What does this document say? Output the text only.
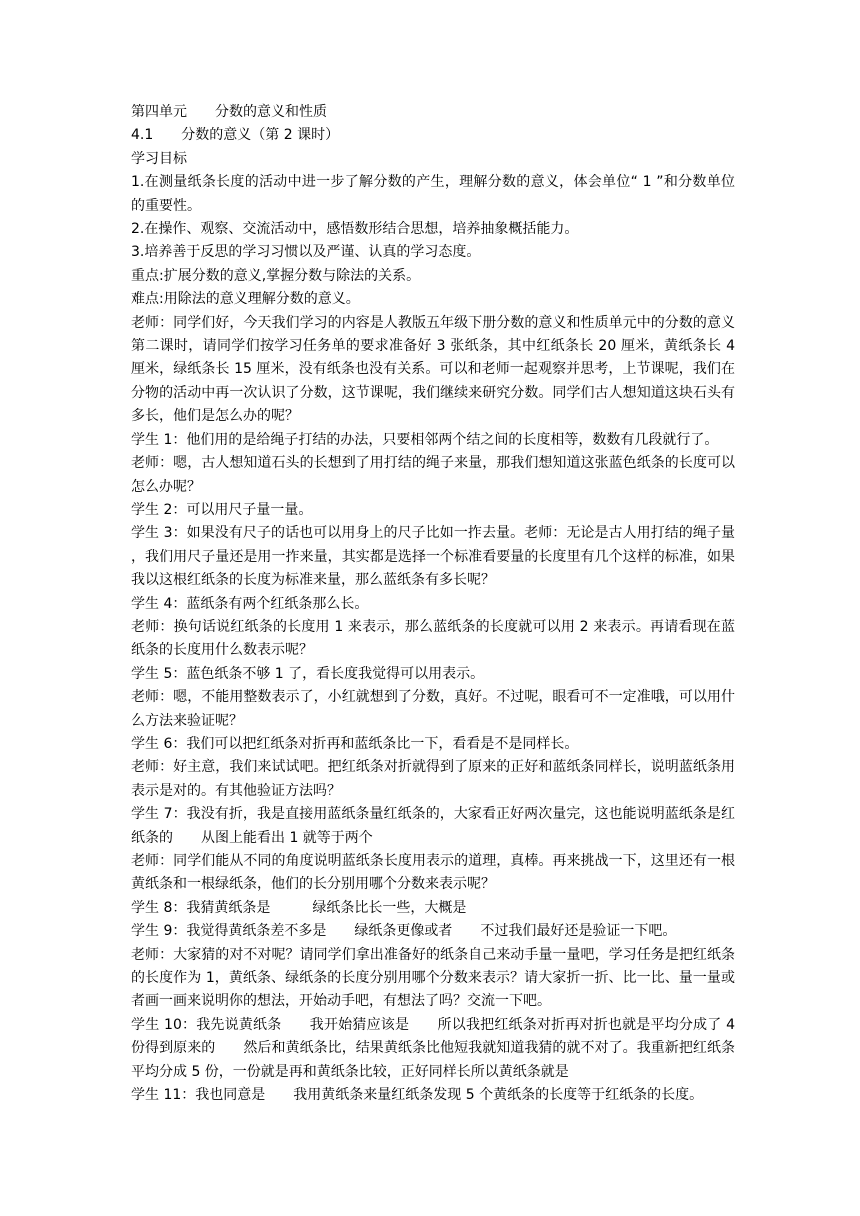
第四单元　　分数的意义和性质

4.1　　分数的意义（第 2 课时）

学习目标

1.在测量纸条长度的活动中进一步了解分数的产生，理解分数的意义，体会单位“ 1 ”和分数单位的重要性。

2.在操作、观察、交流活动中，感悟数形结合思想，培养抽象概括能力。

3.培养善于反思的学习习惯以及严谨、认真的学习态度。

重点:扩展分数的意义,掌握分数与除法的关系。

难点:用除法的意义理解分数的意义。

老师：同学们好，今天我们学习的内容是人教版五年级下册分数的意义和性质单元中的分数的意义第二课时，请同学们按学习任务单的要求准备好 3 张纸条，其中红纸条长 20 厘米，黄纸条长 4 厘米，绿纸条长 15 厘米，没有纸条也没有关系。可以和老师一起观察并思考，上节课呢，我们在分物的活动中再一次认识了分数，这节课呢，我们继续来研究分数。同学们古人想知道这块石头有多长，他们是怎么办的呢？

学生 1：他们用的是给绳子打结的办法，只要相邻两个结之间的长度相等，数数有几段就行了。

老师：嗯，古人想知道石头的长想到了用打结的绳子来量，那我们想知道这张蓝色纸条的长度可以怎么办呢？

学生 2：可以用尺子量一量。

学生 3：如果没有尺子的话也可以用身上的尺子比如一拃去量。老师：无论是古人用打结的绳子量，我们用尺子量还是用一拃来量，其实都是选择一个标准看要量的长度里有几个这样的标准，如果我以这根红纸条的长度为标准来量，那么蓝纸条有多长呢？

学生 4：蓝纸条有两个红纸条那么长。

老师：换句话说红纸条的长度用 1 来表示，那么蓝纸条的长度就可以用 2 来表示。再请看现在蓝纸条的长度用什么数表示呢？

学生 5：蓝色纸条不够 1 了，看长度我觉得可以用表示。

老师：嗯，不能用整数表示了，小红就想到了分数，真好。不过呢，眼看可不一定准哦，可以用什么方法来验证呢？

学生 6：我们可以把红纸条对折再和蓝纸条比一下，看看是不是同样长。

老师：好主意，我们来试试吧。把红纸条对折就得到了原来的正好和蓝纸条同样长，说明蓝纸条用表示是对的。有其他验证方法吗？

学生 7：我没有折，我是直接用蓝纸条量红纸条的，大家看正好两次量完，这也能说明蓝纸条是红纸条的　　从图上能看出 1 就等于两个

老师：同学们能从不同的角度说明蓝纸条长度用表示的道理，真棒。再来挑战一下，这里还有一根黄纸条和一根绿纸条，他们的长分别用哪个分数来表示呢？

学生 8：我猜黄纸条是　　　绿纸条比长一些，大概是

学生 9：我觉得黄纸条差不多是　　绿纸条更像或者　　不过我们最好还是验证一下吧。

老师：大家猜的对不对呢？请同学们拿出准备好的纸条自己来动手量一量吧，学习任务是把红纸条的长度作为 1，黄纸条、绿纸条的长度分别用哪个分数来表示？请大家折一折、比一比、量一量或者画一画来说明你的想法，开始动手吧，有想法了吗？交流一下吧。

学生 10：我先说黄纸条　　我开始猜应该是　　所以我把红纸条对折再对折也就是平均分成了 4 份得到原来的　　然后和黄纸条比，结果黄纸条比他短我就知道我猜的就不对了。我重新把红纸条平均分成 5 份，一份就是再和黄纸条比较，正好同样长所以黄纸条就是

学生 11：我也同意是　　我用黄纸条来量红纸条发现 5 个黄纸条的长度等于红纸条的长度。
